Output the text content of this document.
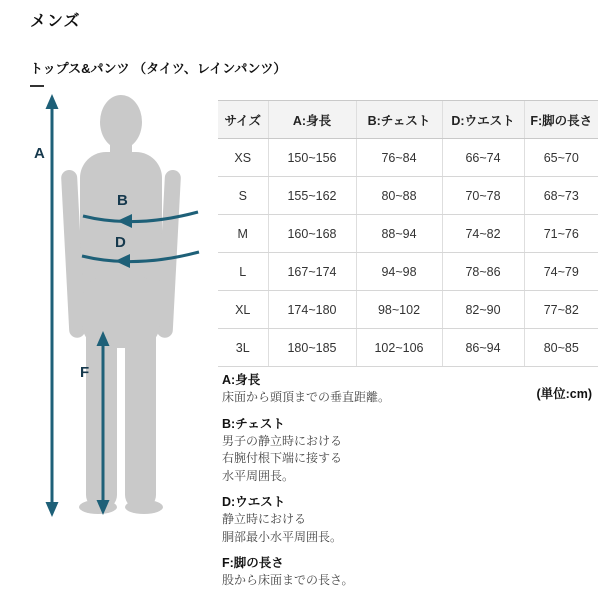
メンズ
トップス&パンツ （タイツ、レインパンツ）
A
B
D
F
サイズ	A:身長	B:チェスト	D:ウエスト	F:脚の長さ
XS	150~156	76~84	66~74	65~70
S	155~162	80~88	70~78	68~73
M	160~168	88~94	74~82	71~76
L	167~174	94~98	78~86	74~79
XL	174~180	98~102	82~90	77~82
3L	180~185	102~106	86~94	80~85
(単位:cm)
A:身長
床面から頭頂までの垂直距離。
B:チェスト
男子の静立時における
右腕付根下端に接する
水平周囲長。
D:ウエスト
静立時における
胴部最小水平周囲長。
F:脚の長さ
股から床面までの長さ。
